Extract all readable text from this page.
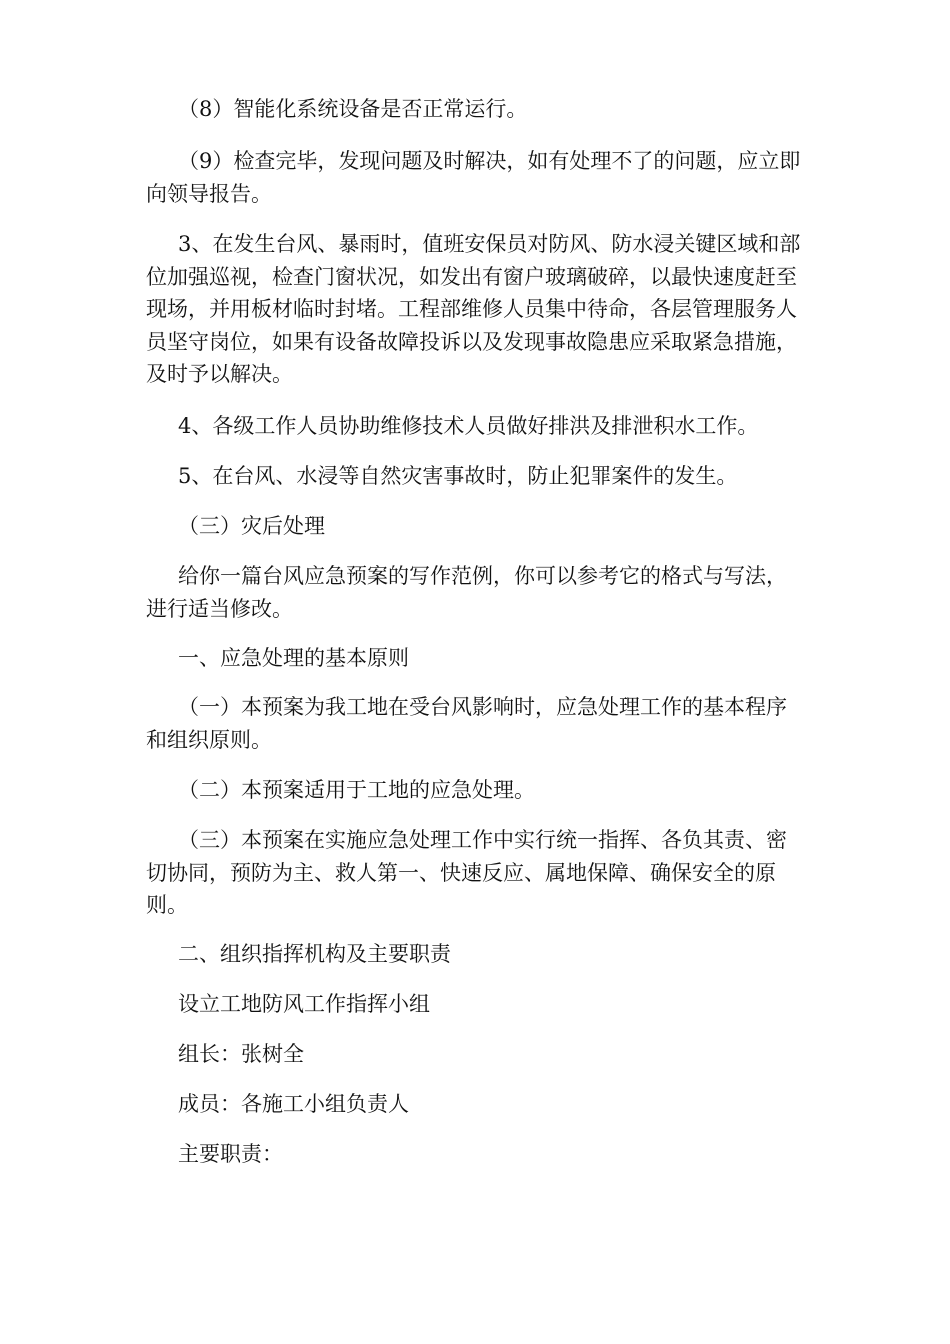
（8）智能化系统设备是否正常运行。

（9）检查完毕，发现问题及时解决，如有处理不了的问题，应立即向领导报告。

3、在发生台风、暴雨时，值班安保员对防风、防水浸关键区域和部位加强巡视，检查门窗状况，如发出有窗户玻璃破碎，以最快速度赶至现场，并用板材临时封堵。工程部维修人员集中待命，各层管理服务人员坚守岗位，如果有设备故障投诉以及发现事故隐患应采取紧急措施，及时予以解决。

4、各级工作人员协助维修技术人员做好排洪及排泄积水工作。

5、在台风、水浸等自然灾害事故时，防止犯罪案件的发生。

（三）灾后处理

给你一篇台风应急预案的写作范例，你可以参考它的格式与写法，进行适当修改。

一、应急处理的基本原则

（一）本预案为我工地在受台风影响时，应急处理工作的基本程序和组织原则。

（二）本预案适用于工地的应急处理。

（三）本预案在实施应急处理工作中实行统一指挥、各负其责、密切协同，预防为主、救人第一、快速反应、属地保障、确保安全的原则。

二、组织指挥机构及主要职责

设立工地防风工作指挥小组

组长：张树全

成员：各施工小组负责人

主要职责：
